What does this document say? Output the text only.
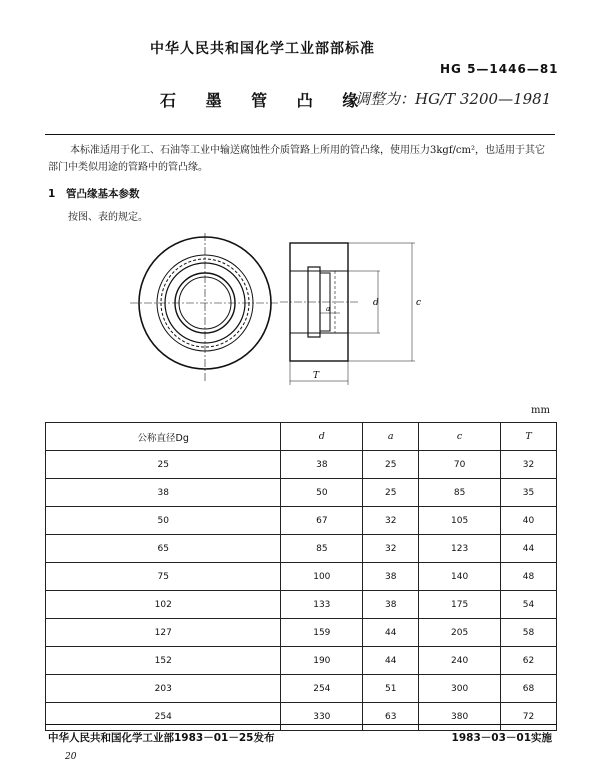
中华人民共和国化学工业部部标准
HG 5—1446—81
石 墨 管 凸 缘
调整为：HG/T 3200—1981
本标准适用于化工、石油等工业中输送腐蚀性介质管路上所用的管凸缘，使用压力3kgf/cm²，也适用于其它部门中类似用途的管路中的管凸缘。
1 管凸缘基本参数
按图、表的规定。
d
a
c
T
mm
公称直径Dg	d	a	c	T
25	38	25	70	32
38	50	25	85	35
50	67	32	105	40
65	85	32	123	44
75	100	38	140	48
102	133	38	175	54
127	159	44	205	58
152	190	44	240	62
203	254	51	300	68
254	330	63	380	72
中华人民共和国化学工业部1983－01－25发布	1983－03－01实施
20
